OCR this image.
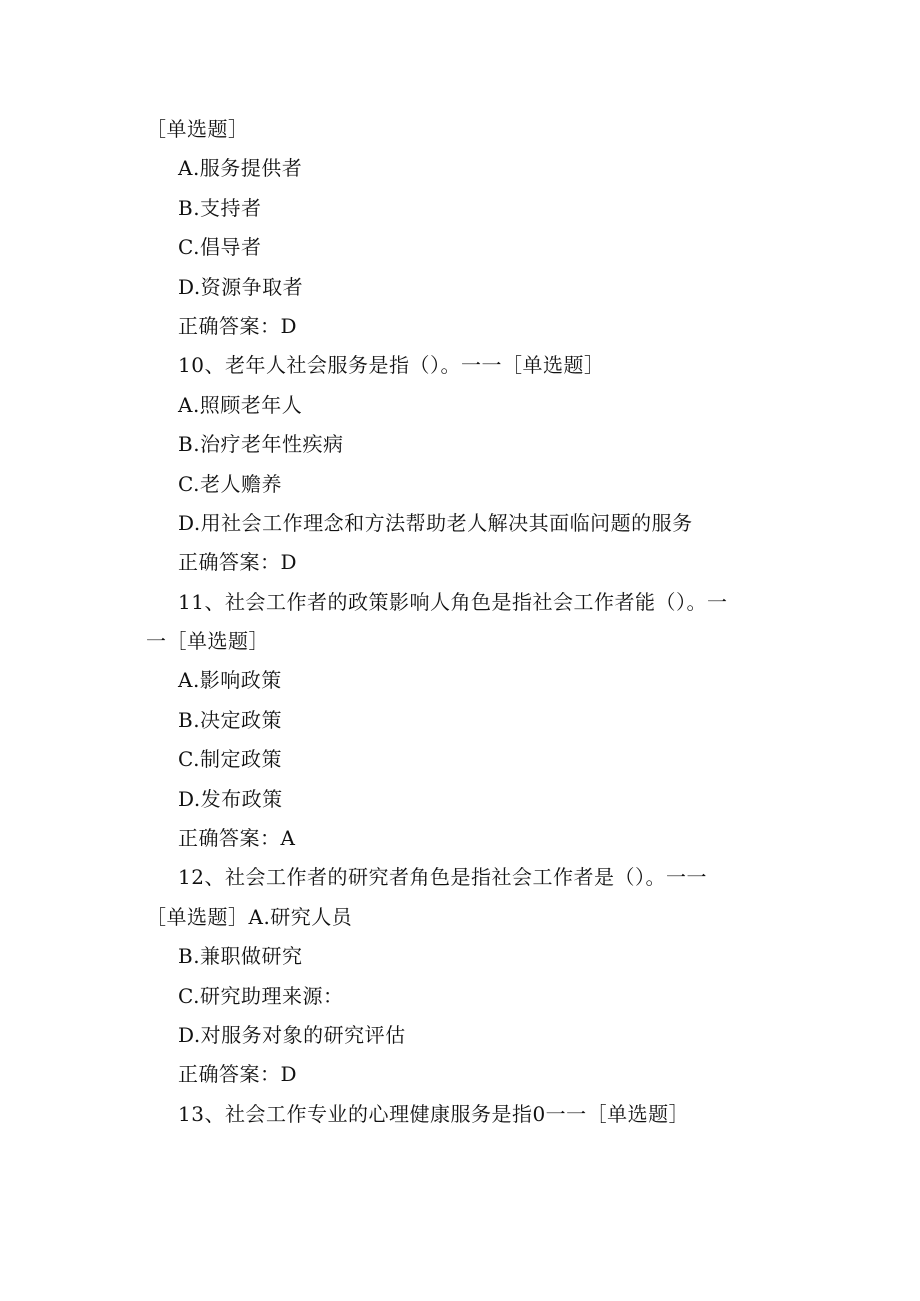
［单选题］
A.服务提供者
B.支持者
C.倡导者
D.资源争取者
正确答案：D
10、老年人社会服务是指（）。一一［单选题］
A.照顾老年人
B.治疗老年性疾病
C.老人赡养
D.用社会工作理念和方法帮助老人解决其面临问题的服务
正确答案：D
11、社会工作者的政策影响人角色是指社会工作者能（）。一
一［单选题］
A.影响政策
B.决定政策
C.制定政策
D.发布政策
正确答案：A
12、社会工作者的研究者角色是指社会工作者是（）。一一
［单选题］A.研究人员
B.兼职做研究
C.研究助理来源：
D.对服务对象的研究评估
正确答案：D
13、社会工作专业的心理健康服务是指0一一［单选题］
